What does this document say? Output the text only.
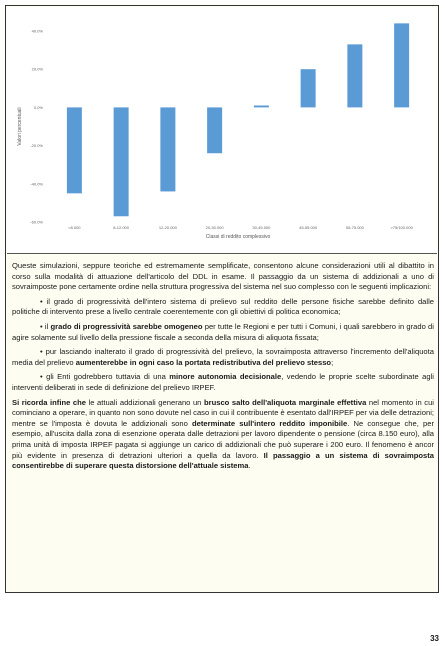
40.0%
20.0%
0.0%
-20.0%
-40.0%
-60.0%
Valori percentuali
<8.000	8-12.000	12-20.000	20-30.000	30-45.000	45-55.000	55-75.000	>75/100.000
Classi di reddito complessivo

Queste simulazioni, seppure teoriche ed estremamente semplificate, consentono alcune considerazioni utili al dibattito in corso sulla modalità di attuazione dell'articolo del DDL in esame. Il passaggio da un sistema di addizionali a uno di sovraimposte pone certamente ordine nella struttura progressiva del sistema nel suo complesso con le seguenti implicazioni:

• il grado di progressività dell'intero sistema di prelievo sul reddito delle persone fisiche sarebbe definito dalle politiche di intervento prese a livello centrale coerentemente con gli obiettivi di politica economica;

• il grado di progressività sarebbe omogeneo per tutte le Regioni e per tutti i Comuni, i quali sarebbero in grado di agire solamente sul livello della pressione fiscale a seconda della misura di aliquota fissata;

• pur lasciando inalterato il grado di progressività del prelievo, la sovraimposta attraverso l'incremento dell'aliquota media del prelievo aumenterebbe in ogni caso la portata redistributiva del prelievo stesso;

• gli Enti godrebbero tuttavia di una minore autonomia decisionale, vedendo le proprie scelte subordinate agli interventi deliberati in sede di definizione del prelievo IRPEF.

Si ricorda infine che le attuali addizionali generano un brusco salto dell'aliquota marginale effettiva nel momento in cui cominciano a operare, in quanto non sono dovute nel caso in cui il contribuente è esentato dall'IRPEF per via delle detrazioni; mentre se l'imposta è dovuta le addizionali sono determinate sull'intero reddito imponibile. Ne consegue che, per esempio, all'uscita dalla zona di esenzione operata dalle detrazioni per lavoro dipendente o pensione (circa 8.150 euro), alla prima unità di imposta IRPEF pagata si aggiunge un carico di addizionali che può superare i 200 euro. Il fenomeno è ancor più evidente in presenza di detrazioni ulteriori a quella da lavoro. Il passaggio a un sistema di sovraimposta consentirebbe di superare questa distorsione dell'attuale sistema.

33
